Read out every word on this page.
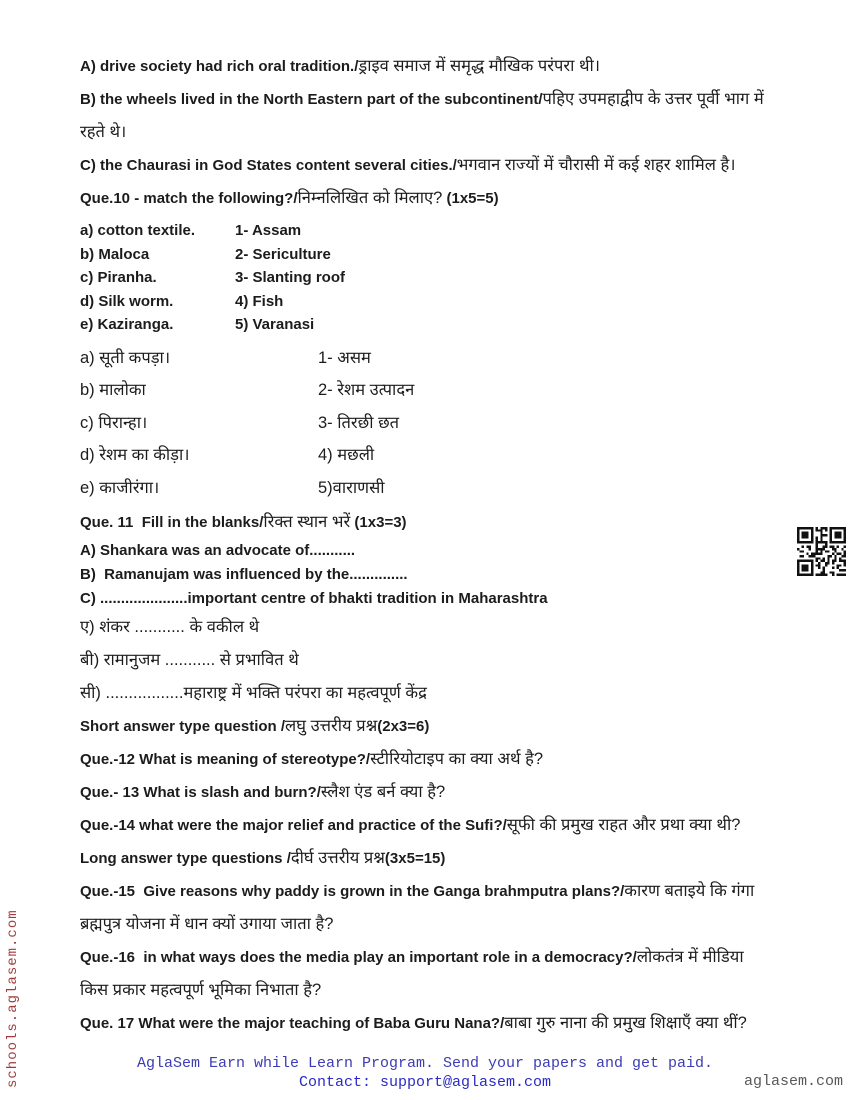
A) drive society had rich oral tradition./ड्राइव समाज में समृद्ध मौखिक परंपरा थी।

B) the wheels lived in the North Eastern part of the subcontinent/पहिए उपमहाद्वीप के उत्तर पूर्वी भाग में रहते थे।

C) the Chaurasi in God States content several cities./भगवान राज्यों में चौरासी में कई शहर शामिल है।

Que.10 - match the following?/निम्नलिखित को मिलाए? (1x5=5)

a) cotton textile.	1- Assam
b) Maloca	2- Sericulture
c) Piranha.	3- Slanting roof
d) Silk worm.	4) Fish
e) Kaziranga.	5) Varanasi
a) सूती कपड़ा।	1- असम
b) मालोका	2- रेशम उत्पादन
c) पिरान्हा।	3- तिरछी छत
d) रेशम का कीड़ा।	4) मछली
e) काजीरंगा।	5)वाराणसी

Que. 11  Fill in the blanks/रिक्त स्थान भरें (1x3=3)

A) Shankara was an advocate of...........

B)  Ramanujam was influenced by the..............

C) .....................important centre of bhakti tradition in Maharashtra

ए) शंकर ........... के वकील थे

बी) रामानुजम ........... से प्रभावित थे

सी) .................महाराष्ट्र में भक्ति परंपरा का महत्वपूर्ण केंद्र

Short answer type question /लघु उत्तरीय प्रश्न(2x3=6)

Que.-12 What is meaning of stereotype?/स्टीरियोटाइप का क्या अर्थ है?

Que.- 13 What is slash and burn?/स्लैश एंड बर्न क्या है?

Que.-14 what were the major relief and practice of the Sufi?/सूफी की प्रमुख राहत और प्रथा क्या थी?

Long answer type questions /दीर्घ उत्तरीय प्रश्न(3x5=15)

Que.-15  Give reasons why paddy is grown in the Ganga brahmputra plans?/कारण बताइये कि गंगा ब्रह्मपुत्र योजना में धान क्यों उगाया जाता है?

Que.-16  in what ways does the media play an important role in a democracy?/लोकतंत्र में मीडिया किस प्रकार महत्वपूर्ण भूमिका निभाता है?

Que. 17 What were the major teaching of Baba Guru Nana?/बाबा गुरु नाना की प्रमुख शिक्षाएँ क्या थीं?

schools.aglasem.com	AglaSem Earn while Learn Program. Send your papers and get paid.
Contact: support@aglasem.com	aglasem.com
